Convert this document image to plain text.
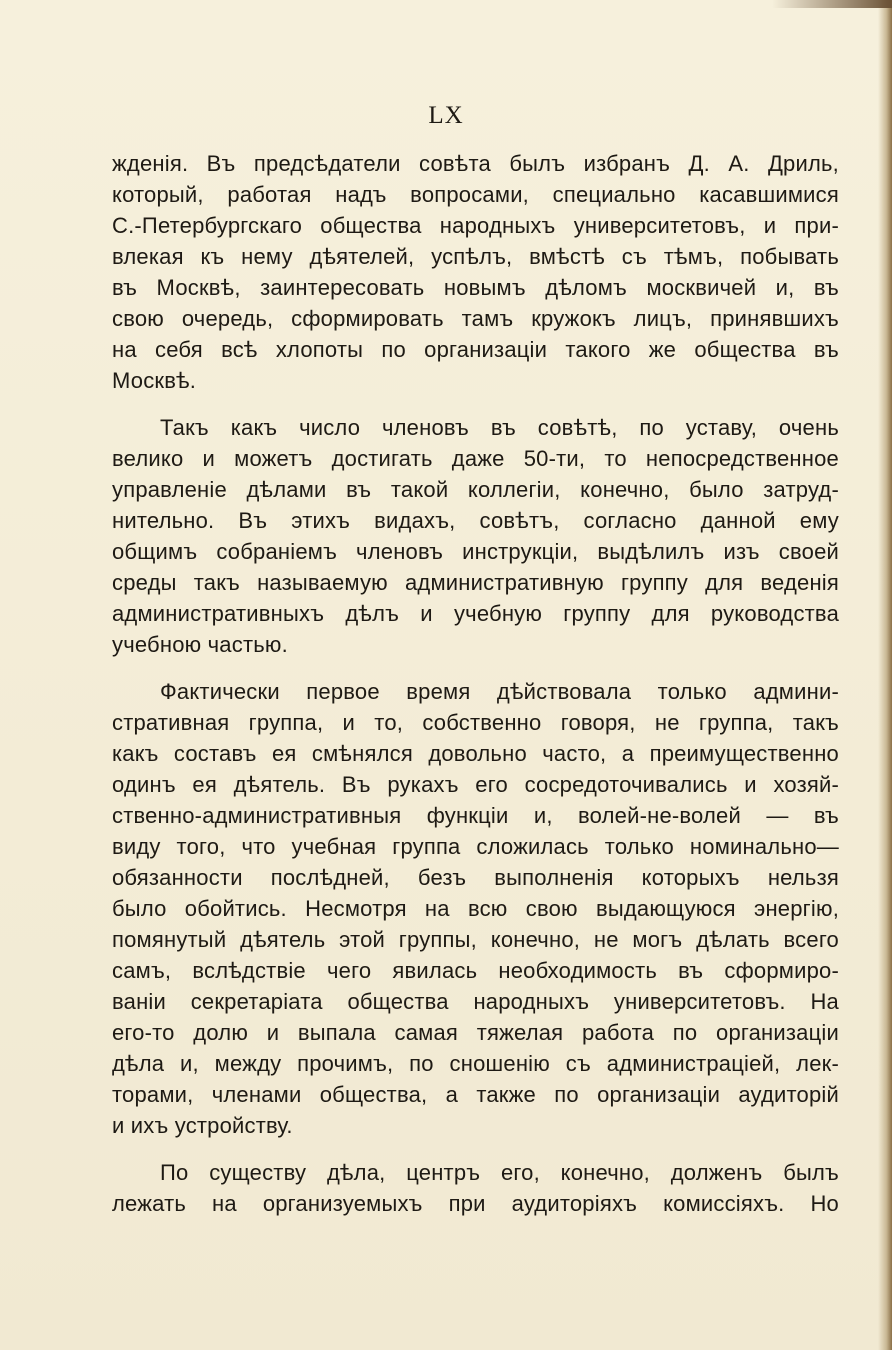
LX
жденія. Въ предсѣдатели совѣта былъ избранъ Д. А. Дриль,
который, работая надъ вопросами, специально касавшимися
С.-Петербургскаго общества народныхъ университетовъ, и при-
влекая къ нему дѣятелей, успѣлъ, вмѣстѣ съ тѣмъ, побывать
въ Москвѣ, заинтересовать новымъ дѣломъ москвичей и, въ
свою очередь, сформировать тамъ кружокъ лицъ, принявшихъ
на себя всѣ хлопоты по организаціи такого же общества въ
Москвѣ.
Такъ какъ число членовъ въ совѣтѣ, по уставу, очень
велико и можетъ достигать даже 50-ти, то непосредственное
управленіе дѣлами въ такой коллегіи, конечно, было затруд-
нительно. Въ этихъ видахъ, совѣтъ, согласно данной ему
общимъ собраніемъ членовъ инструкціи, выдѣлилъ изъ своей
среды такъ называемую административную группу для веденія
административныхъ дѣлъ и учебную группу для руководства
учебною частью.
Фактически первое время дѣйствовала только админи-
стративная группа, и то, собственно говоря, не группа, такъ
какъ составъ ея смѣнялся довольно часто, а преимущественно
одинъ ея дѣятель. Въ рукахъ его сосредоточивались и хозяй-
ственно-административныя функціи и, волей-не-волей — въ
виду того, что учебная группа сложилась только номинально—
обязанности послѣдней, безъ выполненія которыхъ нельзя
было обойтись. Несмотря на всю свою выдающуюся энергію,
помянутый дѣятель этой группы, конечно, не могъ дѣлать всего
самъ, вслѣдствіе чего явилась необходимость въ сформиро-
ваніи секретаріата общества народныхъ университетовъ. На
его-то долю и выпала самая тяжелая работа по организаціи
дѣла и, между прочимъ, по сношенію съ администраціей, лек-
торами, членами общества, а также по организаціи аудиторій
и ихъ устройству.
По существу дѣла, центръ его, конечно, долженъ былъ
лежать на организуемыхъ при аудиторіяхъ комиссіяхъ. Но
